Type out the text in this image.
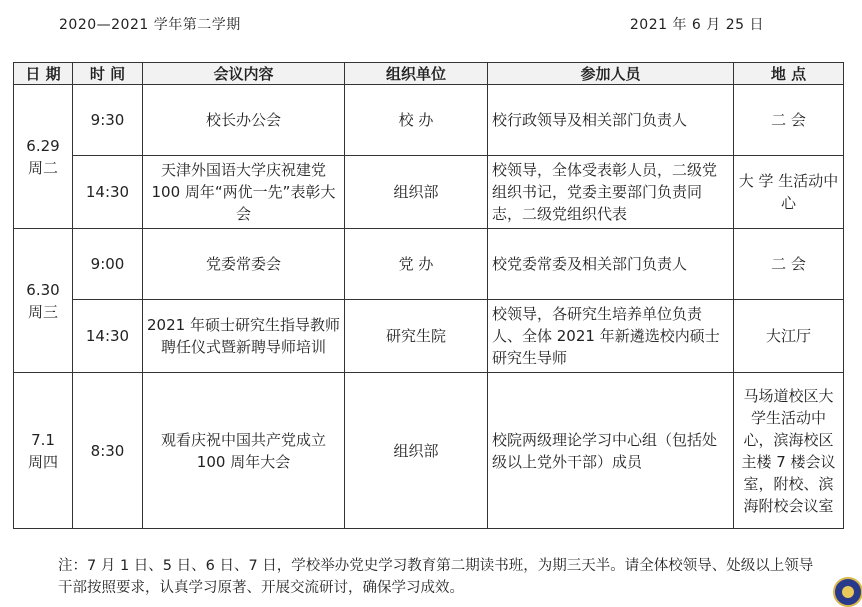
2020—2021 学年第二学期	2021 年 6 月 25 日
日 期	时 间	会议内容	组织单位	参加人员	地 点

6.29
周二	9:30	校长办公会	校 办	校行政领导及相关部门负责人	二 会
	14:30	天津外国语大学庆祝建党 100 周年“两优一先”表彰大会	组织部	校领导，全体受表彰人员，二级党组织书记，党委主要部门负责同志，二级党组织代表	大 学 生活动中心

6.30
周三	9:00	党委常委会	党 办	校党委常委及相关部门负责人	二 会
	14:30	2021 年硕士研究生指导教师聘任仪式暨新聘导师培训	研究生院	校领导，各研究生培养单位负责人、全体 2021 年新遴选校内硕士研究生导师	大江厅

7.1
周四	8:30	观看庆祝中国共产党成立 100 周年大会	组织部	校院两级理论学习中心组（包括处级以上党外干部）成员	马场道校区大学生活动中心，滨海校区主楼 7 楼会议室，附校、滨海附校会议室
注：7 月 1 日、5 日、6 日、7 日，学校举办党史学习教育第二期读书班，为期三天半。请全体校领导、处级以上领导干部按照要求，认真学习原著、开展交流研讨，确保学习成效。
